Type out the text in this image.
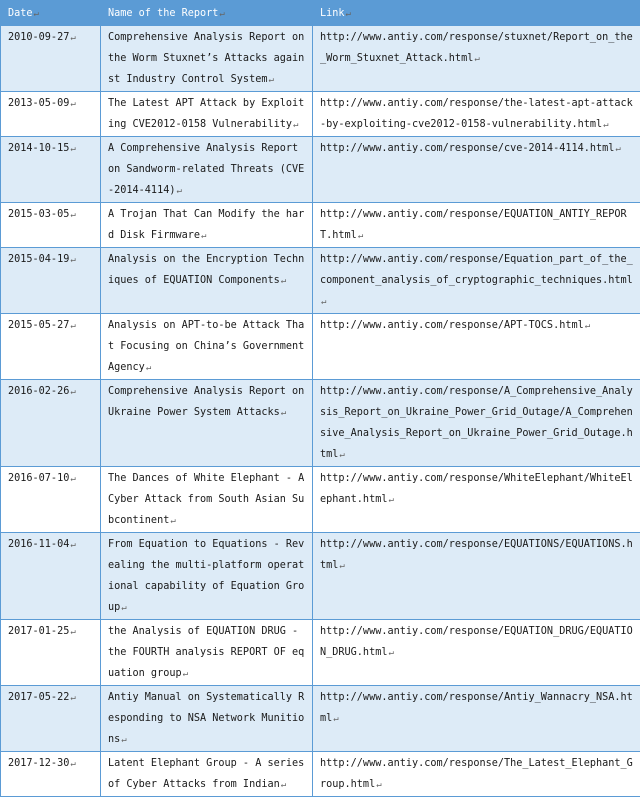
Date↵	Name of the Report↵	Link↵
2010-09-27↵	Comprehensive Analysis Report on the Worm Stuxnet’s Attacks against Industry Control System↵	http://www.antiy.com/response/stuxnet/Report_on_the_Worm_Stuxnet_Attack.html↵
2013-05-09↵	The Latest APT Attack by Exploiting CVE2012-0158 Vulnerability↵	http://www.antiy.com/response/the-latest-apt-attack-by-exploiting-cve2012-0158-vulnerability.html↵
2014-10-15↵	A Comprehensive Analysis Report on Sandworm-related Threats (CVE-2014-4114)↵	http://www.antiy.com/response/cve-2014-4114.html↵
2015-03-05↵	A Trojan That Can Modify the hard Disk Firmware↵	http://www.antiy.com/response/EQUATION_ANTIY_REPORT.html↵
2015-04-19↵	Analysis on the Encryption Techniques of EQUATION Components↵	http://www.antiy.com/response/Equation_part_of_the_component_analysis_of_cryptographic_techniques.html↵
2015-05-27↵	Analysis on APT-to-be Attack That Focusing on China’s Government Agency↵	http://www.antiy.com/response/APT-TOCS.html↵
2016-02-26↵	Comprehensive Analysis Report on Ukraine Power System Attacks↵	http://www.antiy.com/response/A_Comprehensive_Analysis_Report_on_Ukraine_Power_Grid_Outage/A_Comprehensive_Analysis_Report_on_Ukraine_Power_Grid_Outage.html↵
2016-07-10↵	The Dances of White Elephant - A Cyber Attack from South Asian Subcontinent↵	http://www.antiy.com/response/WhiteElephant/WhiteElephant.html↵
2016-11-04↵	From Equation to Equations - Revealing the multi-platform operational capability of Equation Group↵	http://www.antiy.com/response/EQUATIONS/EQUATIONS.html↵
2017-01-25↵	the Analysis of EQUATION DRUG - the FOURTH analysis REPORT OF equation group↵	http://www.antiy.com/response/EQUATION_DRUG/EQUATION_DRUG.html↵
2017-05-22↵	Antiy Manual on Systematically Responding to NSA Network Munitions↵	http://www.antiy.com/response/Antiy_Wannacry_NSA.html↵
2017-12-30↵	Latent Elephant Group - A series of Cyber Attacks from Indian↵	http://www.antiy.com/response/The_Latest_Elephant_Group.html↵
